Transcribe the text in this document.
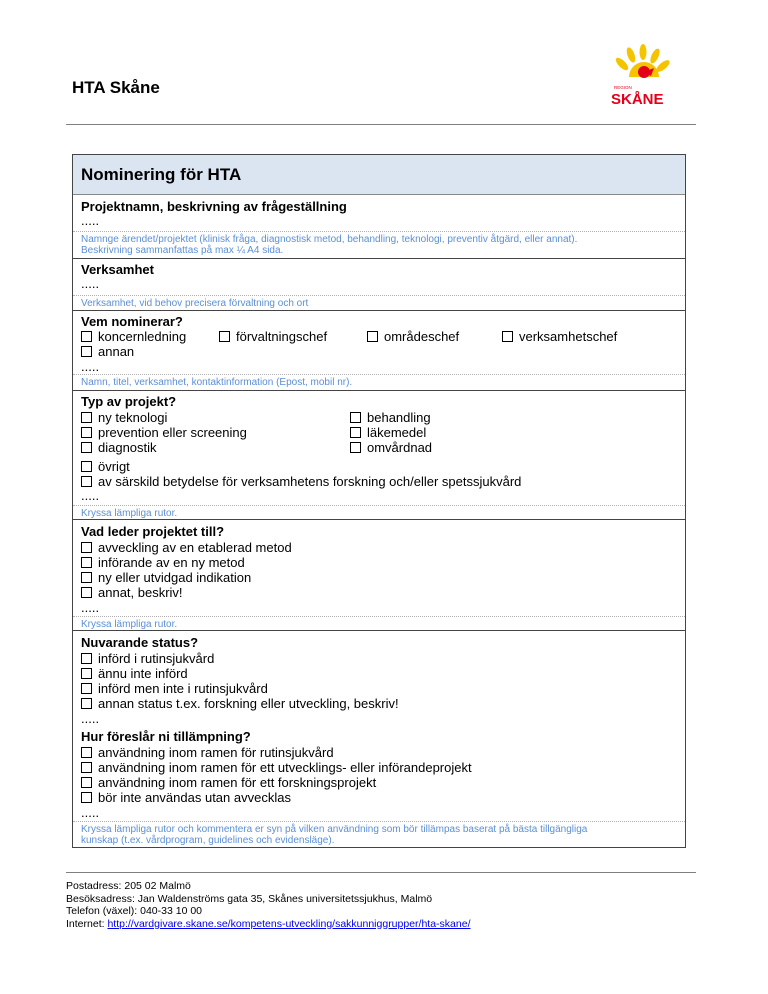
HTA Skåne	REGION
SKÅNE
Nominering för HTA
Projektnamn, beskrivning av frågeställning
.....
Namnge ärendet/projektet (klinisk fråga, diagnostisk metod, behandling, teknologi, preventiv åtgärd, eller annat).
Beskrivning sammanfattas på max ¼ A4 sida.
Verksamhet
.....
Verksamhet, vid behov precisera förvaltning och ort
Vem nominerar?
koncernledning	förvaltningschef	områdeschef	verksamhetschef
annan
.....
Namn, titel, verksamhet, kontaktinformation (Epost, mobil nr).
Typ av projekt?
ny teknologi
prevention eller screening
diagnostik
behandling
läkemedel
omvårdnad
övrigt
av särskild betydelse för verksamhetens forskning och/eller spetssjukvård
.....
Kryssa lämpliga rutor.
Vad leder projektet till?
avveckling av en etablerad metod
införande av en ny metod
ny eller utvidgad indikation
annat, beskriv!
.....
Kryssa lämpliga rutor.
Nuvarande status?
införd i rutinsjukvård
ännu inte införd
införd men inte i rutinsjukvård
annan status t.ex. forskning eller utveckling, beskriv!
.....
Hur föreslår ni tillämpning?
användning inom ramen för rutinsjukvård
användning inom ramen för ett utvecklings- eller införandeprojekt
användning inom ramen för ett forskningsprojekt
bör inte användas utan avvecklas
.....
Kryssa lämpliga rutor och kommentera er syn på vilken användning som bör tillämpas baserat på bästa tillgängliga
kunskap (t.ex. vårdprogram, guidelines och evidensläge).
Postadress: 205 02 Malmö
Besöksadress: Jan Waldenströms gata 35, Skånes universitetssjukhus, Malmö
Telefon (växel): 040-33 10 00
Internet: http://vardgivare.skane.se/kompetens-utveckling/sakkunniggrupper/hta-skane/
